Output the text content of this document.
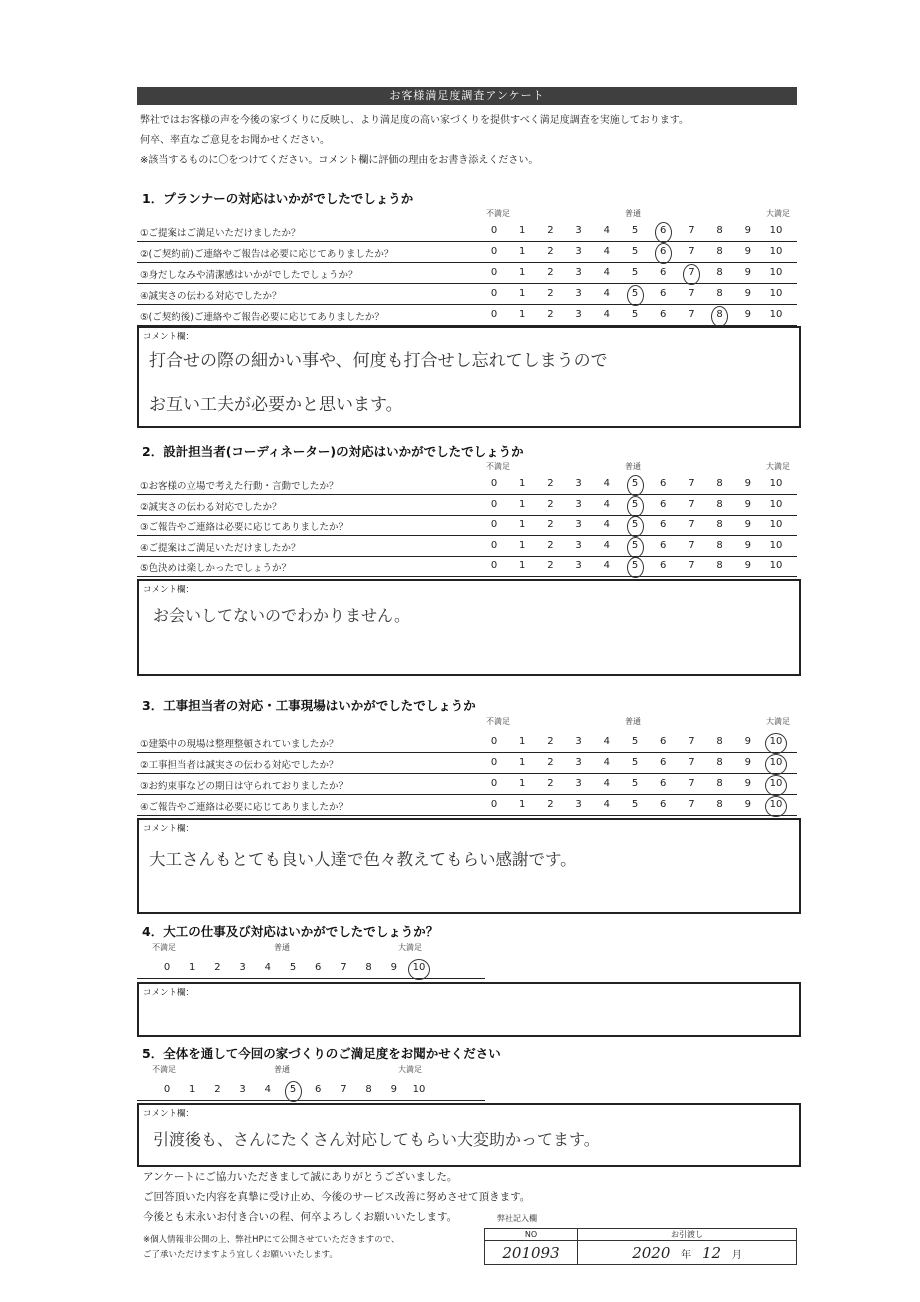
お客様満足度調査アンケート
弊社ではお客様の声を今後の家づくりに反映し、より満足度の高い家づくりを提供すべく満足度調査を実施しております。
何卒、率直なご意見をお聞かせください。
※該当するものに〇をつけてください。コメント欄に評価の理由をお書き添えください。
1．プランナーの対応はいかがでしたでしょうか
不満足	普通	大満足
①ご提案はご満足いただけましたか？	0	1	2	3	4	5	6	7	8	9	10
②(ご契約前)ご連絡やご報告は必要に応じてありましたか？	0	1	2	3	4	5	6	7	8	9	10
③身だしなみや清潔感はいかがでしたでしょうか？	0	1	2	3	4	5	6	7	8	9	10
④誠実さの伝わる対応でしたか？	0	1	2	3	4	5	6	7	8	9	10
⑤(ご契約後)ご連絡やご報告必要に応じてありましたか？	0	1	2	3	4	5	6	7	8	9	10
コメント欄：
打合せの際の細かい事や、何度も打合せし忘れてしまうので
お互い工夫が必要かと思います。
2．設計担当者(コーディネーター)の対応はいかがでしたでしょうか
不満足	普通	大満足
①お客様の立場で考えた行動・言動でしたか？	0	1	2	3	4	5	6	7	8	9	10
②誠実さの伝わる対応でしたか？	0	1	2	3	4	5	6	7	8	9	10
③ご報告やご連絡は必要に応じてありましたか？	0	1	2	3	4	5	6	7	8	9	10
④ご提案はご満足いただけましたか？	0	1	2	3	4	5	6	7	8	9	10
⑤色決めは楽しかったでしょうか？	0	1	2	3	4	5	6	7	8	9	10
コメント欄：
お会いしてないのでわかりません。
3．工事担当者の対応・工事現場はいかがでしたでしょうか
不満足	普通	大満足
①建築中の現場は整理整頓されていましたか？	0	1	2	3	4	5	6	7	8	9	10
②工事担当者は誠実さの伝わる対応でしたか？	0	1	2	3	4	5	6	7	8	9	10
③お約束事などの期日は守られておりましたか？	0	1	2	3	4	5	6	7	8	9	10
④ご報告やご連絡は必要に応じてありましたか？	0	1	2	3	4	5	6	7	8	9	10
コメント欄：
大工さんもとても良い人達で色々教えてもらい感謝です。
4．大工の仕事及び対応はいかがでしたでしょうか？
不満足	普通	大満足
0	1	2	3	4	5	6	7	8	9	10
コメント欄：
5．全体を通して今回の家づくりのご満足度をお聞かせください
不満足	普通	大満足
0	1	2	3	4	5	6	7	8	9	10
コメント欄：
引渡後も、さんにたくさん対応してもらい大変助かってます。
アンケートにご協力いただきまして誠にありがとうございました。
ご回答頂いた内容を真摯に受け止め、今後のサービス改善に努めさせて頂きます。
今後とも末永いお付き合いの程、何卒よろしくお願いいたします。
※個人情報非公開の上、弊社HPにて公開させていただきますので、
ご了承いただけますよう宜しくお願いいたします。
弊社記入欄
NO	お引渡し
201093	2020 年 12 月
